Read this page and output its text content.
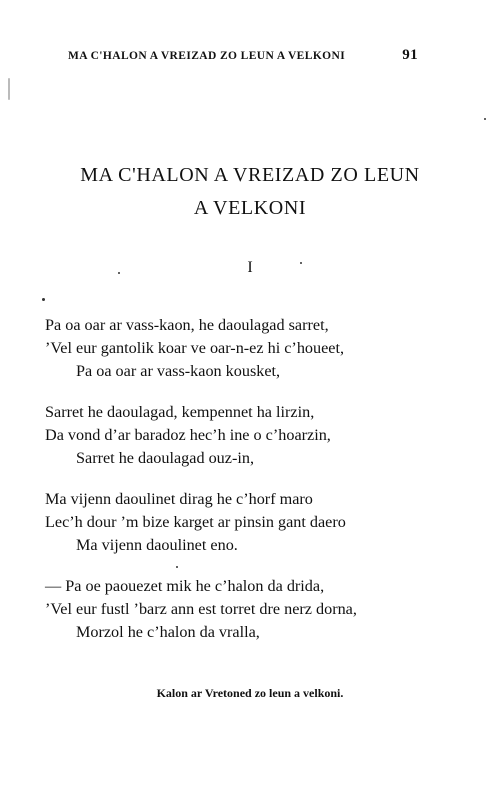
MA C'HALON A VREIZAD ZO LEUN A VELKONI	91
MA C'HALON A VREIZAD ZO LEUN
A VELKONI
I
Pa oa oar ar vass-kaon, he daoulagad sarret,
’Vel eur gantolik koar ve oar-n-ez hi c’houeet,
Pa oa oar ar vass-kaon kousket,
Sarret he daoulagad, kempennet ha lirzin,
Da vond d’ar baradoz hec’h ine o c’hoarzin,
Sarret he daoulagad ouz-in,
Ma vijenn daoulinet dirag he c’horf maro
Lec’h dour ’m bize karget ar pinsin gant daero
Ma vijenn daoulinet eno.
— Pa oe paouezet mik he c’halon da drida,
’Vel eur fustl ’barz ann est torret dre nerz dorna,
Morzol he c’halon da vralla,
Kalon ar Vretoned zo leun a velkoni.
